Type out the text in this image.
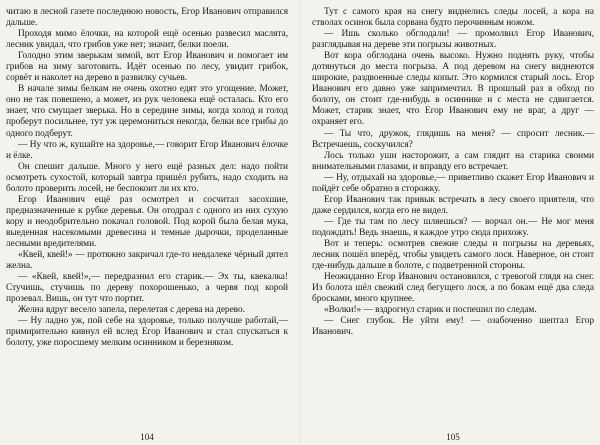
читаю в лесной газете последнюю новость, Егор Иванович отправился дальше.

Проходя мимо ёлочки, на которой ещё осенью развесил маслята, лесник увидал, что грибов уже нет; значит, белки поели.

Голодно этим зверькам зимой, вот Егор Иванович и помогает им грибов на зиму заготовить. Идёт осенью по лесу, увидит грибок, сорвёт и наколет на дерево в развилку сучьев.

В начале зимы белкам не очень охотно едят это угощение. Может, оно не так повешено, а может, из рук человека ещё осталась. Кто его знает, что смущает зверька. Но в середине зимы, когда холод и голод проберут посильнее, тут уж церемониться некогда, белки все грибы до одного подберут.

— Ну что ж, кушайте на здоровье,— говорит Егор Иванович ёлочке и ёлке.

Он спешит дальше. Много у него ещё разных дел: надо пойти осмотреть сухостой, который завтра пришёл рубить, надо сходить на болото проверить лосей, не беспокоит ли их кто.

Егор Иванович ещё раз осмотрел и сосчитал засохшие, предназначенные к рубке деревья. Он отодрал с одного из них сухую кору и неодобрительно покачал головой. Под корой была белая мука, выеденная насекомыми древесина и темные дырочки, проделанные лесными вредителями.

«Квей, квей!» — протяжно закричал где-то невдалеке чёрный дятел желна.

— «Квей, квей!»,— передразнил его старик.— Эх ты, квекалка! Стучишь, стучишь по дереву похорошенько, а червя под корой прозевал. Вишь, он тут что портит.

Желна вдруг весело запела, перелетая с дерева на дерево.

— Ну ладно уж, пой себе на здоровье, только получше работай,— примирительно кивнул ей вслед Егор Иванович и стал спускаться к болоту, уже поросшему мелким осинником и березняком.

104

Тут с самого края на снегу виднелись следы лосей, а кора на стволах осинок была сорвана будто перочинным ножом.

— Ишь сколько обглодали! — промолвил Егор Иванович, разглядывая на дереве эти погрызы животных.

Вот кора обглодана очень высоко. Нужно поднять руку, чтобы дотянуться до места погрыза. А под деревом на снегу виднеются широкие, раздвоенные следы копыт. Это кормился старый лось. Егор Иванович его давно уже запримечтил. В прошлый раз в обход по болоту, он стоит где-нибудь в осиннике и с места не сдвигается. Может, старик знает, что Егор Иванович ему не враг, а друг — охраняет его.

— Ты что, дружок, глядишь на меня? — спросит лесник.— Встречаешь, соскучился?

Лось только уши насторожит, а сам глядит на старика своими внимательными глазами, и вправду его встречает.

— Ну, отдыхай на здоровье,— приветливо скажет Егор Иванович и пойдёт себе обратно в сторожку.

Егор Иванович так привык встречать в лесу своего приятеля, что даже сердился, когда его не видел.

— Где ты там по лесу шляешься? — ворчал он.— Не мог меня подождать! Ведь знаешь, я каждое утро сюда прихожу.

Вот и теперь: осмотрев свежие следы и погрызы на деревьях, лесник пошёл вперёд, чтобы увидеть самого лося. Наверное, он стоит где-нибудь дальше в болоте, с подветренной стороны.

Неожиданно Егор Иванович остановился, с тревогой глядя на снег. Из болота шёл свежий след бегущего лося, а по бокам ещё два следа бросками, много крупнее.

«Волки!» — вздрогнул старик и поспешил по следам.

— Снег глубок. Не уйти ему! — озабоченно шептал Егор Иванович.

105
